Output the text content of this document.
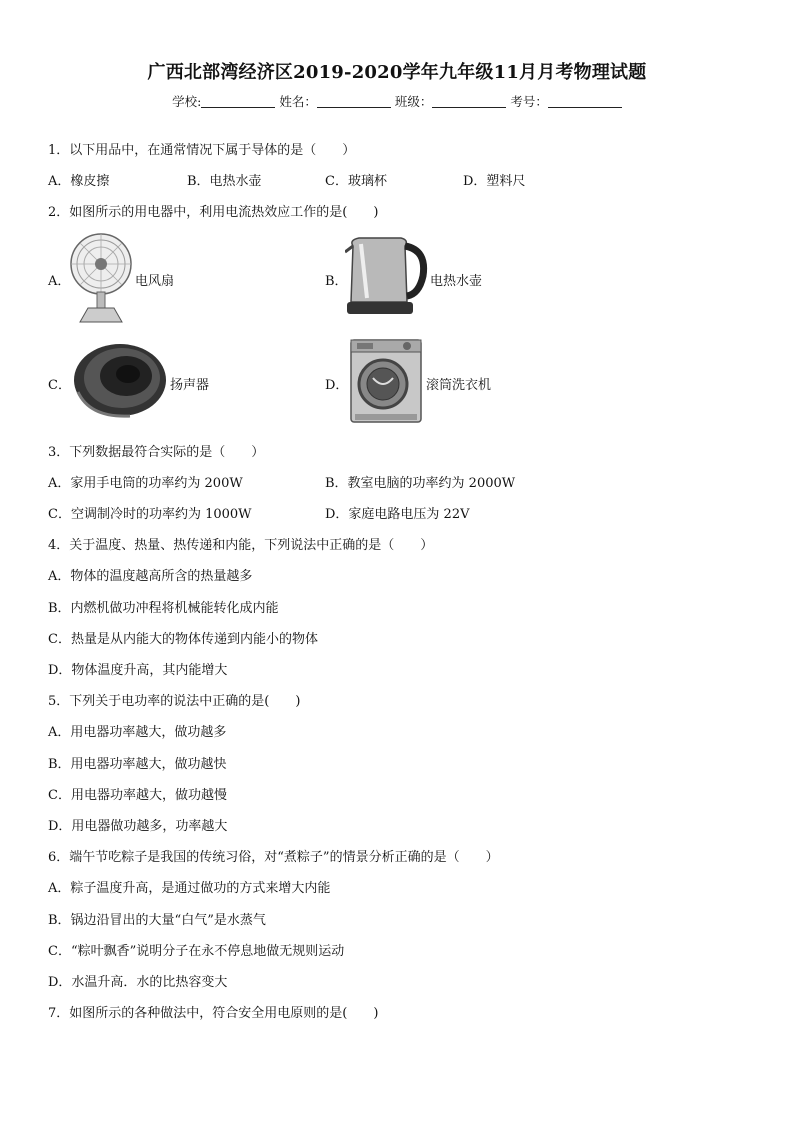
广西北部湾经济区2019-2020学年九年级11月月考物理试题
学校:	姓名：	班级：	考号：
1．以下用品中，在通常情况下属于导体的是（　　）
A．橡皮擦	B．电热水壶	C．玻璃杯	D．塑料尺
2．如图所示的用电器中，利用电流热效应工作的是(　　)
A．	电风扇	B．	电热水壶
C．	扬声器	D．	滚筒洗衣机
3．下列数据最符合实际的是（　　）
A．家用手电筒的功率约为 200W	B．教室电脑的功率约为 2000W
C．空调制冷时的功率约为 1000W	D．家庭电路电压为 22V
4．关于温度、热量、热传递和内能，下列说法中正确的是（　　）
A．物体的温度越高所含的热量越多
B．内燃机做功冲程将机械能转化成内能
C．热量是从内能大的物体传递到内能小的物体
D．物体温度升高，其内能增大
5．下列关于电功率的说法中正确的是(　　)
A．用电器功率越大，做功越多
B．用电器功率越大，做功越快
C．用电器功率越大，做功越慢
D．用电器做功越多，功率越大
6．端午节吃粽子是我国的传统习俗，对“煮粽子”的情景分析正确的是（　　）
A．粽子温度升高，是通过做功的方式来增大内能
B．锅边沿冒出的大量“白气”是水蒸气
C．“粽叶飘香”说明分子在永不停息地做无规则运动
D．水温升高．水的比热容变大
7．如图所示的各种做法中，符合安全用电原则的是(　　)
